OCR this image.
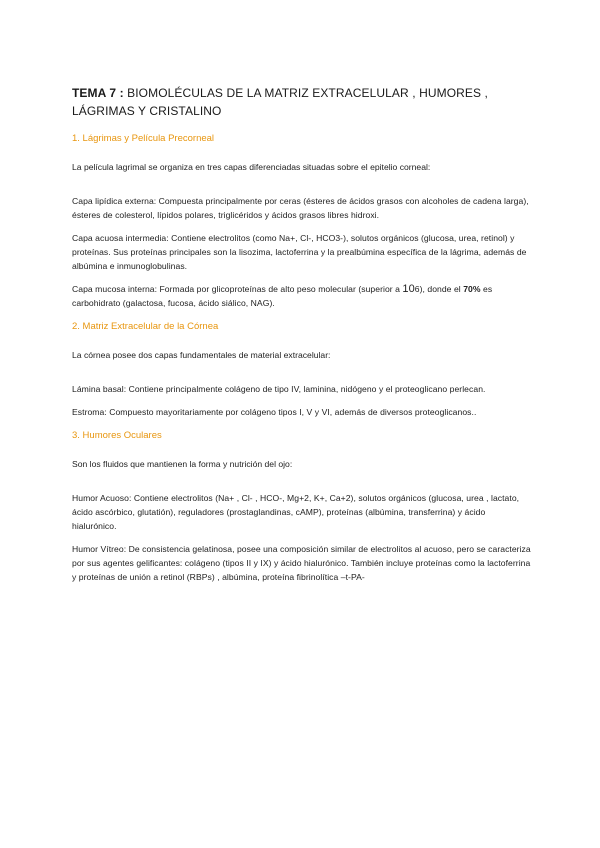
TEMA 7 : BIOMOLÉCULAS DE LA MATRIZ EXTRACELULAR , HUMORES , LÁGRIMAS Y CRISTALINO
1. Lágrimas y Película Precorneal

La película lagrimal se organiza en tres capas diferenciadas situadas sobre el epitelio corneal:

Capa lipídica externa: Compuesta principalmente por ceras (ésteres de ácidos grasos con alcoholes de cadena larga), ésteres de colesterol, lípidos polares, triglicéridos y ácidos grasos libres hidroxi.

Capa acuosa intermedia: Contiene electrolitos (como Na+, Cl-, HCO3-), solutos orgánicos (glucosa, urea, retinol) y proteínas. Sus proteínas principales son la lisozima, lactoferrina y la prealbúmina específica de la lágrima, además de albúmina e inmunoglobulinas.

Capa mucosa interna: Formada por glicoproteínas de alto peso molecular (superior a 106), donde el 70% es carbohidrato (galactosa, fucosa, ácido siálico, NAG).

2. Matriz Extracelular de la Córnea

La córnea posee dos capas fundamentales de material extracelular:

Lámina basal: Contiene principalmente colágeno de tipo IV, laminina, nidógeno y el proteoglicano perlecan.

Estroma: Compuesto mayoritariamente por colágeno tipos I, V y VI, además de diversos proteoglicanos..

3. Humores Oculares

Son los fluidos que mantienen la forma y nutrición del ojo:

Humor Acuoso: Contiene electrolitos (Na+ , Cl- , HCO-, Mg+2, K+, Ca+2), solutos orgánicos (glucosa, urea , lactato, ácido ascórbico, glutatión), reguladores (prostaglandinas, cAMP), proteínas (albúmina, transferrina) y ácido hialurónico.

Humor Vítreo: De consistencia gelatinosa, posee una composición similar de electrolitos al acuoso, pero se caracteriza por sus agentes gelificantes: colágeno (tipos II y IX) y ácido hialurónico. También incluye proteínas como la lactoferrina y proteínas de unión a retinol (RBPs) , albúmina, proteína fibrinolítica –t-PA-
